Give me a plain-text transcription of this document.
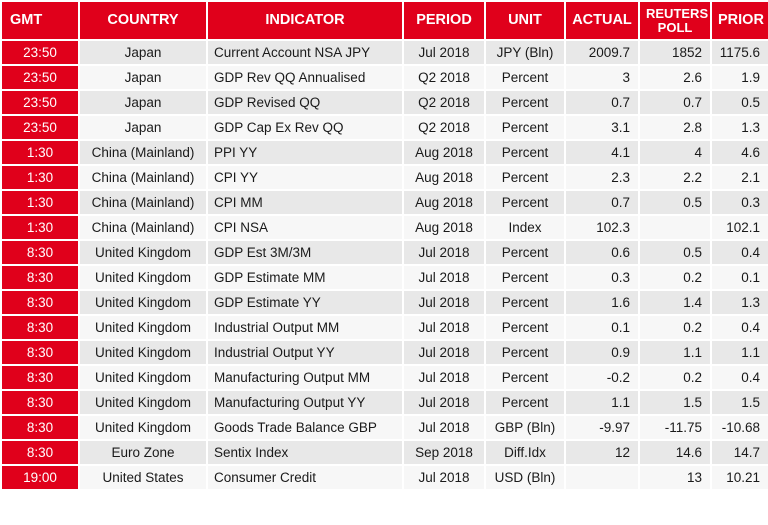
GMT	COUNTRY	INDICATOR	PERIOD	UNIT	ACTUAL	REUTERS POLL	PRIOR
23:50	Japan	Current Account NSA JPY	Jul 2018	JPY (Bln)	2009.7	1852	1175.6
23:50	Japan	GDP Rev QQ Annualised	Q2 2018	Percent	3	2.6	1.9
23:50	Japan	GDP Revised QQ	Q2 2018	Percent	0.7	0.7	0.5
23:50	Japan	GDP Cap Ex Rev QQ	Q2 2018	Percent	3.1	2.8	1.3
1:30	China (Mainland)	PPI YY	Aug 2018	Percent	4.1	4	4.6
1:30	China (Mainland)	CPI YY	Aug 2018	Percent	2.3	2.2	2.1
1:30	China (Mainland)	CPI MM	Aug 2018	Percent	0.7	0.5	0.3
1:30	China (Mainland)	CPI NSA	Aug 2018	Index	102.3		102.1
8:30	United Kingdom	GDP Est 3M/3M	Jul 2018	Percent	0.6	0.5	0.4
8:30	United Kingdom	GDP Estimate MM	Jul 2018	Percent	0.3	0.2	0.1
8:30	United Kingdom	GDP Estimate YY	Jul 2018	Percent	1.6	1.4	1.3
8:30	United Kingdom	Industrial Output MM	Jul 2018	Percent	0.1	0.2	0.4
8:30	United Kingdom	Industrial Output YY	Jul 2018	Percent	0.9	1.1	1.1
8:30	United Kingdom	Manufacturing Output MM	Jul 2018	Percent	-0.2	0.2	0.4
8:30	United Kingdom	Manufacturing Output YY	Jul 2018	Percent	1.1	1.5	1.5
8:30	United Kingdom	Goods Trade Balance GBP	Jul 2018	GBP (Bln)	-9.97	-11.75	-10.68
8:30	Euro Zone	Sentix Index	Sep 2018	Diff.Idx	12	14.6	14.7
19:00	United States	Consumer Credit	Jul 2018	USD (Bln)		13	10.21
